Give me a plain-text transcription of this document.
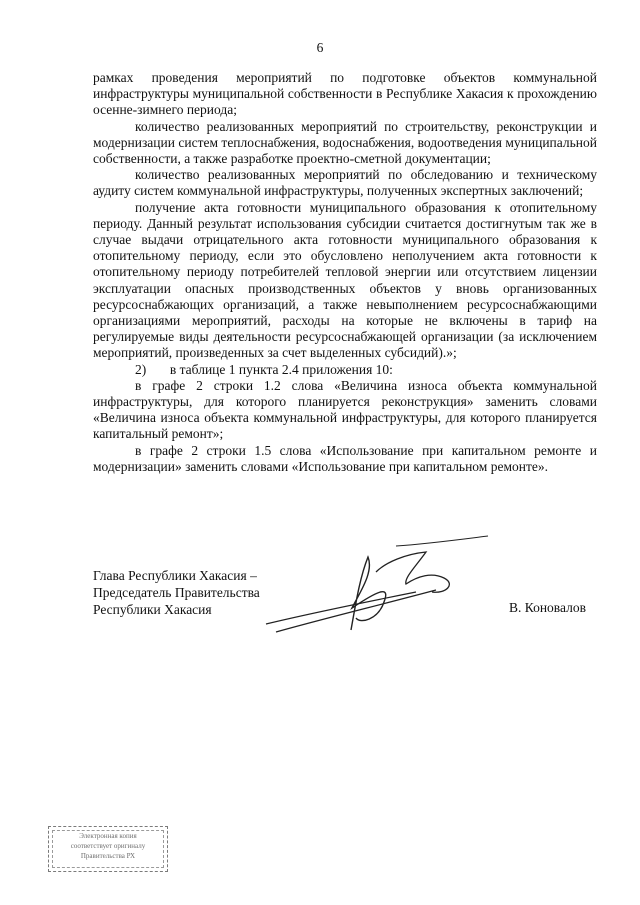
6

рамках проведения мероприятий по подготовке объектов коммунальной инфраструктуры муниципальной собственности в Республике Хакасия к прохождению осенне-зимнего периода;

количество реализованных мероприятий по строительству, реконструкции и модернизации систем теплоснабжения, водоснабжения, водоотведения муниципальной собственности, а также разработке проектно-сметной документации;

количество реализованных мероприятий по обследованию и техническому аудиту систем коммунальной инфраструктуры, полученных экспертных заключений;

получение акта готовности муниципального образования к отопительному периоду. Данный результат использования субсидии считается достигнутым так же в случае выдачи отрицательного акта готовности муниципального образования к отопительному периоду, если это обусловлено неполучением акта готовности к отопительному периоду потребителей тепловой энергии или отсутствием лицензии эксплуатации опасных производственных объектов у вновь организованных ресурсоснабжающих организаций, а также невыполнением ресурсоснабжающими организациями мероприятий, расходы на которые не включены в тариф на регулируемые виды деятельности ресурсоснабжающей организации (за исключением мероприятий, произведенных за счет выделенных субсидий).»;

2)       в таблице 1 пункта 2.4 приложения 10:

в графе 2 строки 1.2 слова «Величина износа объекта коммунальной инфраструктуры, для которого планируется реконструкция» заменить словами «Величина износа объекта коммунальной инфраструктуры, для которого планируется капитальный ремонт»;

в графе 2 строки 1.5 слова «Использование при капитальном ремонте и модернизации» заменить словами «Использование при капитальном ремонте».

Глава Республики Хакасия –
Председатель Правительства
Республики Хакасия	В. Коновалов
Электронная копия
соответствует оригиналу
Правительства РХ
